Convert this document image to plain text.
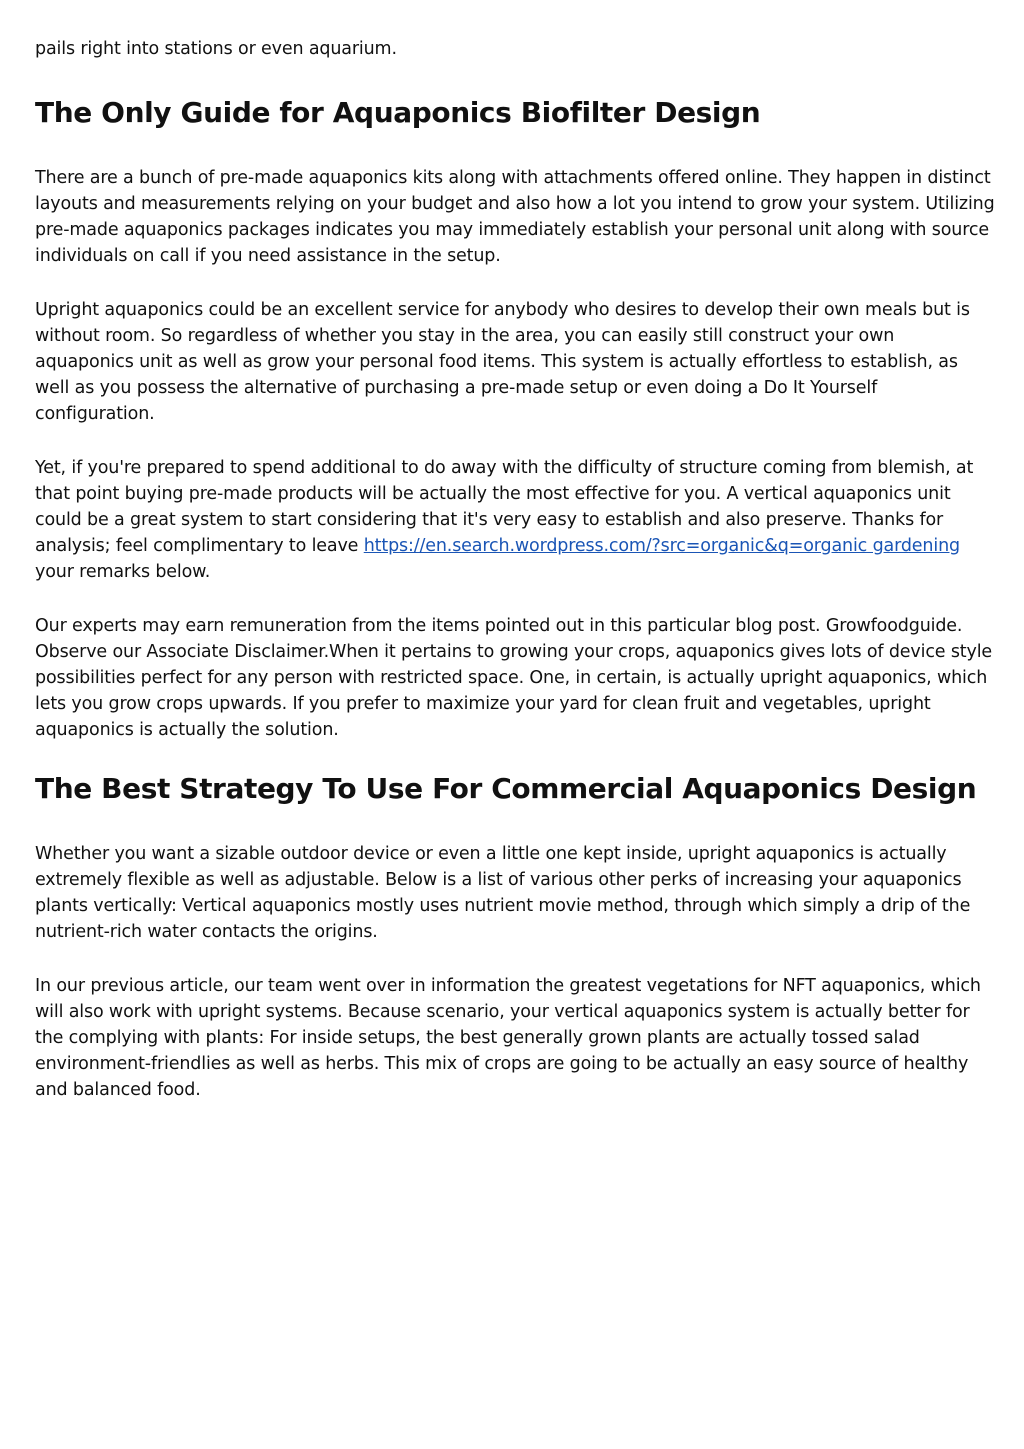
pails right into stations or even aquarium.

The Only Guide for Aquaponics Biofilter Design

There are a bunch of pre-made aquaponics kits along with attachments offered online. They happen in distinct layouts and measurements relying on your budget and also how a lot you intend to grow your system. Utilizing pre-made aquaponics packages indicates you may immediately establish your personal unit along with source individuals on call if you need assistance in the setup.

Upright aquaponics could be an excellent service for anybody who desires to develop their own meals but is without room. So regardless of whether you stay in the area, you can easily still construct your own aquaponics unit as well as grow your personal food items. This system is actually effortless to establish, as well as you possess the alternative of purchasing a pre-made setup or even doing a Do It Yourself configuration.

Yet, if you're prepared to spend additional to do away with the difficulty of structure coming from blemish, at that point buying pre-made products will be actually the most effective for you. A vertical aquaponics unit could be a great system to start considering that it's very easy to establish and also preserve. Thanks for analysis; feel complimentary to leave https://en.search.wordpress.com/?src=organic&q=organic gardening your remarks below.

Our experts may earn remuneration from the items pointed out in this particular blog post. Growfoodguide. Observe our Associate Disclaimer.When it pertains to growing your crops, aquaponics gives lots of device style possibilities perfect for any person with restricted space. One, in certain, is actually upright aquaponics, which lets you grow crops upwards. If you prefer to maximize your yard for clean fruit and vegetables, upright aquaponics is actually the solution.

The Best Strategy To Use For Commercial Aquaponics Design

Whether you want a sizable outdoor device or even a little one kept inside, upright aquaponics is actually extremely flexible as well as adjustable. Below is a list of various other perks of increasing your aquaponics plants vertically: Vertical aquaponics mostly uses nutrient movie method, through which simply a drip of the nutrient-rich water contacts the origins.

In our previous article, our team went over in information the greatest vegetations for NFT aquaponics, which will also work with upright systems. Because scenario, your vertical aquaponics system is actually better for the complying with plants: For inside setups, the best generally grown plants are actually tossed salad environment-friendlies as well as herbs. This mix of crops are going to be actually an easy source of healthy and balanced food.
